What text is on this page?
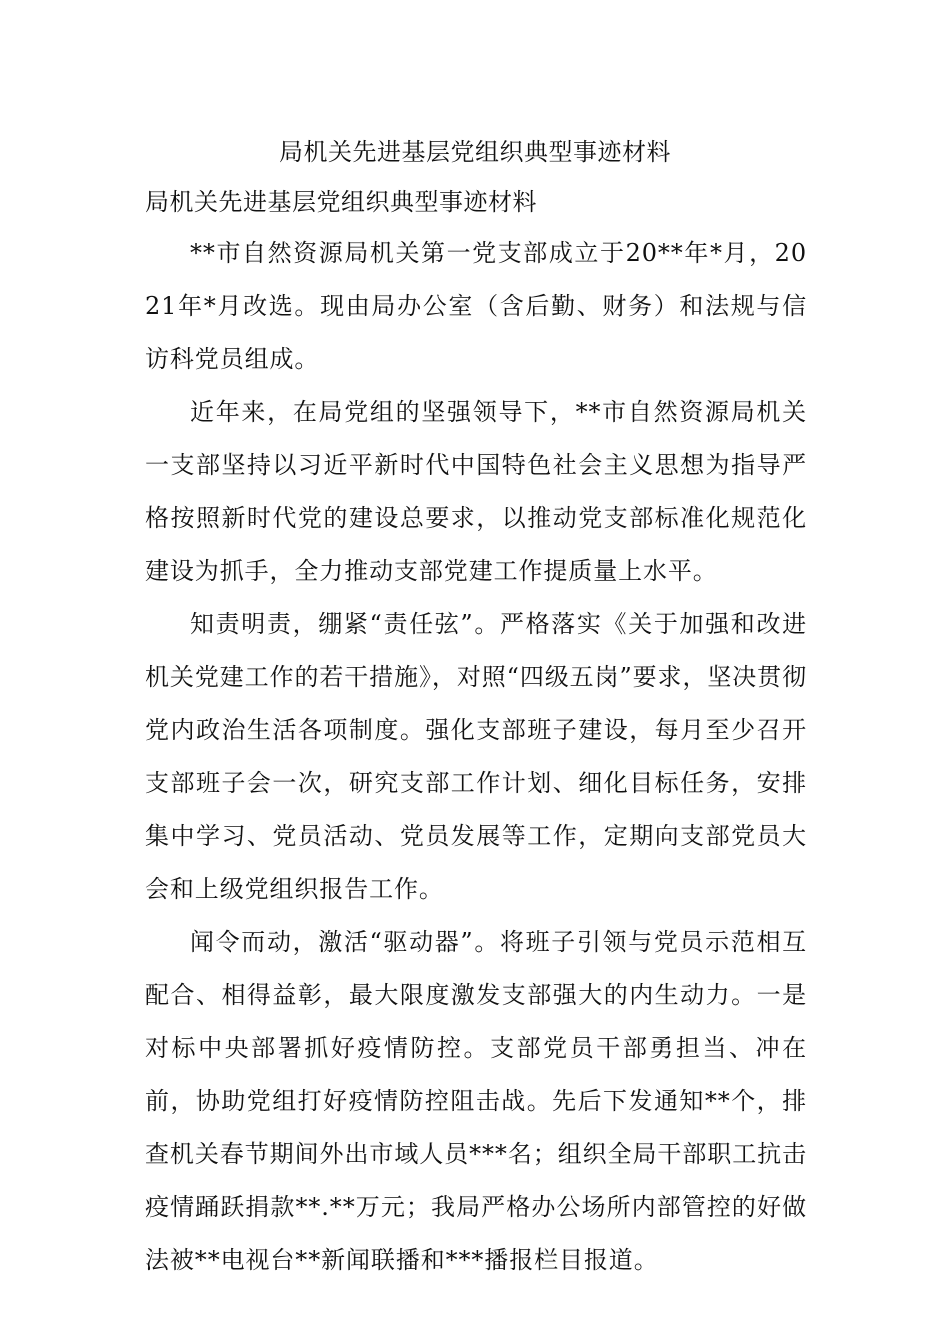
局机关先进基层党组织典型事迹材料
局机关先进基层党组织典型事迹材料

**市自然资源局机关第一党支部成立于20**年*月，2021年*月改选。现由局办公室（含后勤、财务）和法规与信访科党员组成。

近年来，在局党组的坚强领导下，**市自然资源局机关一支部坚持以习近平新时代中国特色社会主义思想为指导严格按照新时代党的建设总要求，以推动党支部标准化规范化建设为抓手，全力推动支部党建工作提质量上水平。

知责明责，绷紧“责任弦”。严格落实《关于加强和改进机关党建工作的若干措施》，对照“四级五岗”要求，坚决贯彻党内政治生活各项制度。强化支部班子建设，每月至少召开支部班子会一次，研究支部工作计划、细化目标任务，安排集中学习、党员活动、党员发展等工作，定期向支部党员大会和上级党组织报告工作。

闻令而动，激活“驱动器”。将班子引领与党员示范相互配合、相得益彰，最大限度激发支部强大的内生动力。一是对标中央部署抓好疫情防控。支部党员干部勇担当、冲在前，协助党组打好疫情防控阻击战。先后下发通知**个，排查机关春节期间外出市域人员***名；组织全局干部职工抗击疫情踊跃捐款**.**万元；我局严格办公场所内部管控的好做法被**电视台**新闻联播和***播报栏目报道。
